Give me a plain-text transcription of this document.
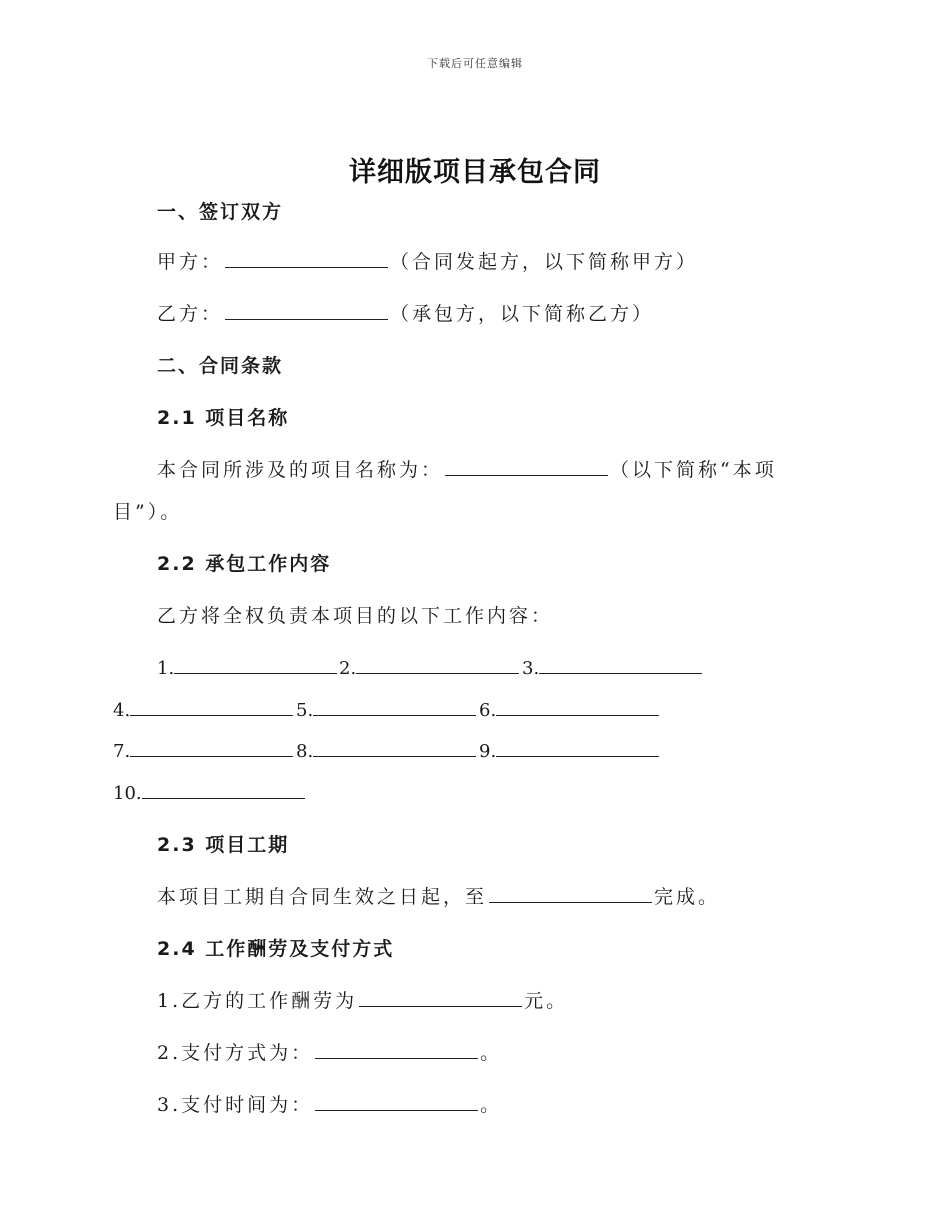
下载后可任意编辑
详细版项目承包合同
一、签订双方
甲方：	（合同发起方，以下简称甲方）
乙方：	（承包方，以下简称乙方）
二、合同条款
2.1 项目名称
本合同所涉及的项目名称为：	（以下简称“本项
目”）。
2.2 承包工作内容
乙方将全权负责本项目的以下工作内容：
1.	2.	3.
4.	5.	6.
7.	8.	9.
10.
2.3 项目工期
本项目工期自合同生效之日起，至	完成。
2.4 工作酬劳及支付方式
1.乙方的工作酬劳为	元。
2.支付方式为：	。
3.支付时间为：	。
